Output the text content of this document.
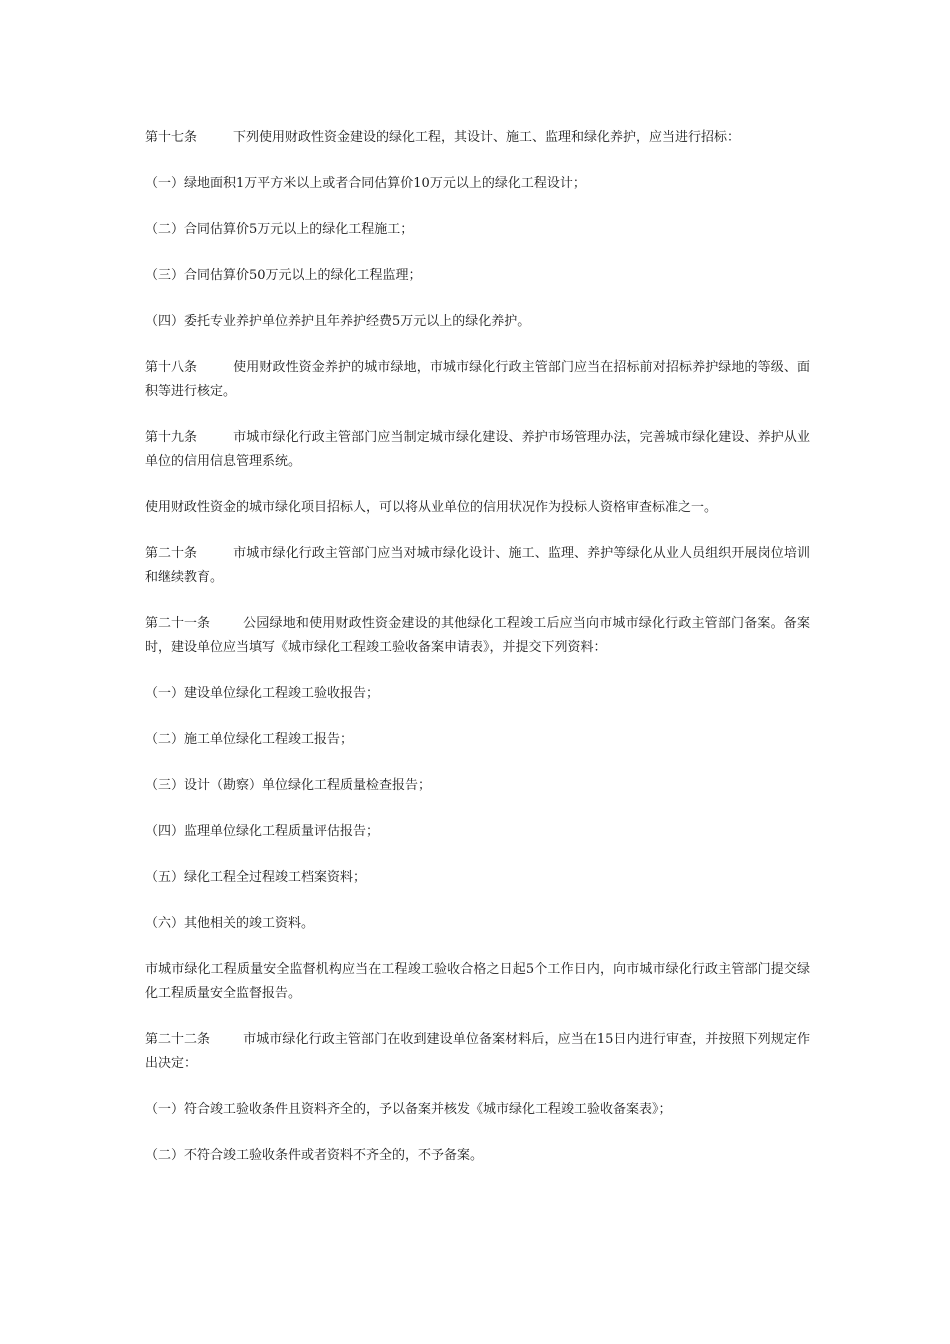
第十七条	下列使用财政性资金建设的绿化工程，其设计、施工、监理和绿化养护，应当进行招标：

（一）绿地面积1万平方米以上或者合同估算价10万元以上的绿化工程设计；

（二）合同估算价5万元以上的绿化工程施工；

（三）合同估算价50万元以上的绿化工程监理；

（四）委托专业养护单位养护且年养护经费5万元以上的绿化养护。

第十八条	使用财政性资金养护的城市绿地，市城市绿化行政主管部门应当在招标前对招标养护绿地的等级、面积等进行核定。

第十九条	市城市绿化行政主管部门应当制定城市绿化建设、养护市场管理办法，完善城市绿化建设、养护从业单位的信用信息管理系统。

使用财政性资金的城市绿化项目招标人，可以将从业单位的信用状况作为投标人资格审查标准之一。

第二十条	市城市绿化行政主管部门应当对城市绿化设计、施工、监理、养护等绿化从业人员组织开展岗位培训和继续教育。

第二十一条	公园绿地和使用财政性资金建设的其他绿化工程竣工后应当向市城市绿化行政主管部门备案。备案时，建设单位应当填写《城市绿化工程竣工验收备案申请表》，并提交下列资料：

（一）建设单位绿化工程竣工验收报告；

（二）施工单位绿化工程竣工报告；

（三）设计（勘察）单位绿化工程质量检查报告；

（四）监理单位绿化工程质量评估报告；

（五）绿化工程全过程竣工档案资料；

（六）其他相关的竣工资料。

市城市绿化工程质量安全监督机构应当在工程竣工验收合格之日起5个工作日内，向市城市绿化行政主管部门提交绿化工程质量安全监督报告。

第二十二条	市城市绿化行政主管部门在收到建设单位备案材料后，应当在15日内进行审查，并按照下列规定作出决定：

（一）符合竣工验收条件且资料齐全的，予以备案并核发《城市绿化工程竣工验收备案表》；

（二）不符合竣工验收条件或者资料不齐全的，不予备案。
